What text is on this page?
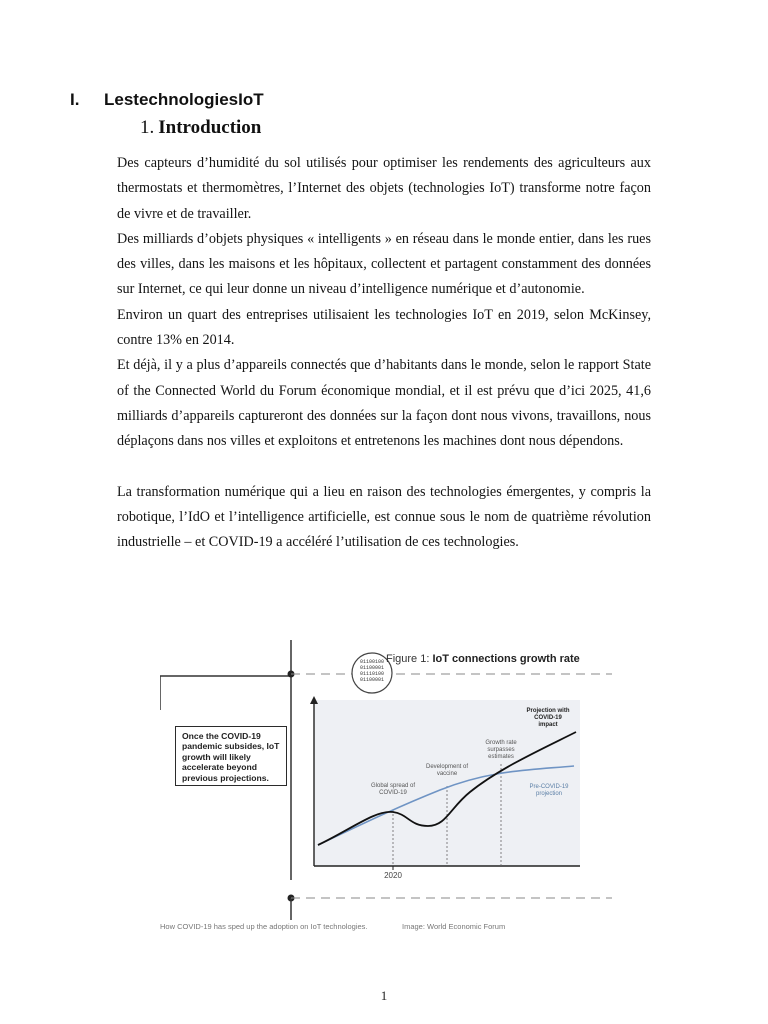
I. LestechnologiesIoT
1. Introduction

Des capteurs d’humidité du sol utilisés pour optimiser les rendements des agriculteurs aux thermostats et thermomètres, l’Internet des objets (technologies IoT) transforme notre façon de vivre et de travailler.

Des milliards d’objets physiques « intelligents » en réseau dans le monde entier, dans les rues des villes, dans les maisons et les hôpitaux, collectent et partagent constamment des données sur Internet, ce qui leur donne un niveau d’intelligence numérique et d’autonomie.

Environ un quart des entreprises utilisaient les technologies IoT en 2019, selon McKinsey, contre 13% en 2014.

Et déjà, il y a plus d’appareils connectés que d’habitants dans le monde, selon le rapport State of the Connected World du Forum économique mondial, et il est prévu que d’ici 2025, 41,6 milliards d’appareils captureront des données sur la façon dont nous vivons, travaillons, nous déplaçons dans nos villes et exploitons et entretenons les machines dont nous dépendons.

La transformation numérique qui a lieu en raison des technologies émergentes, y compris la robotique, l’IdO et l’intelligence artificielle, est connue sous le nom de quatrième révolution industrielle – et COVID-19 a accéléré l’utilisation de ces technologies.

Once the COVID-19 pandemic subsides, IoT growth will likely accelerate beyond previous projections.
Figure 1: IoT connections growth rate
01100100
01100001
01110100
01100001
Global spread of COVID-19
Development of vaccine
Growth rate surpasses estimates
Projection with COVID-19 impact
Pre-COVID-19 projection
2020
How COVID-19 has sped up the adoption on IoT technologies.	Image: World Economic Forum
1
